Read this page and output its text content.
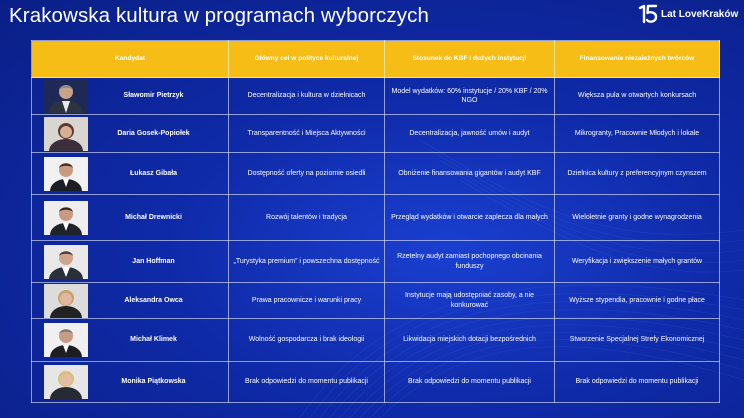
Krakowska kultura w programach wyborczych	Lat LoveKraków
Kandydat	Główny cel w polityce kulturalnej	Stosunek do KBF i dużych instytucji	Finansowanie niezależnych twórców

Sławomir Pietrzyk	Decentralizacja i kultura w dzielnicach	Model wydatków: 60% instytucje / 20% KBF / 20% NGO	Większa pula w otwartych konkursach

Daria Gosek-Popiołek	Transparentność i Miejsca Aktywności	Decentralizacja, jawność umów i audyt	Mikrogranty, Pracownie Młodych i lokale

Łukasz Gibała	Dostępność oferty na poziomie osiedli	Obniżenie finansowania gigantów i audyt KBF	Dzielnica kultury z preferencyjnym czynszem

Michał Drewnicki	Rozwój talentów i tradycja	Przegląd wydatków i otwarcie zaplecza dla małych	Wieloletnie granty i godne wynagrodzenia

Jan Hoffman	„Turystyka premium” i powszechna dostępność	Rzetelny audyt zamiast pochopnego obcinania funduszy	Weryfikacja i zwiększenie małych grantów

Aleksandra Owca	Prawa pracownicze i warunki pracy	Instytucje mają udostępniać zasoby, a nie konkurować	Wyższe stypendia, pracownie i godne płace

Michał Klimek	Wolność gospodarcza i brak ideologii	Likwidacja miejskich dotacji bezpośrednich	Stworzenie Specjalnej Strefy Ekonomicznej

Monika Piątkowska	Brak odpowiedzi do momentu publikacji	Brak odpowiedzi do momentu publikacji	Brak odpowiedzi do momentu publikacji
